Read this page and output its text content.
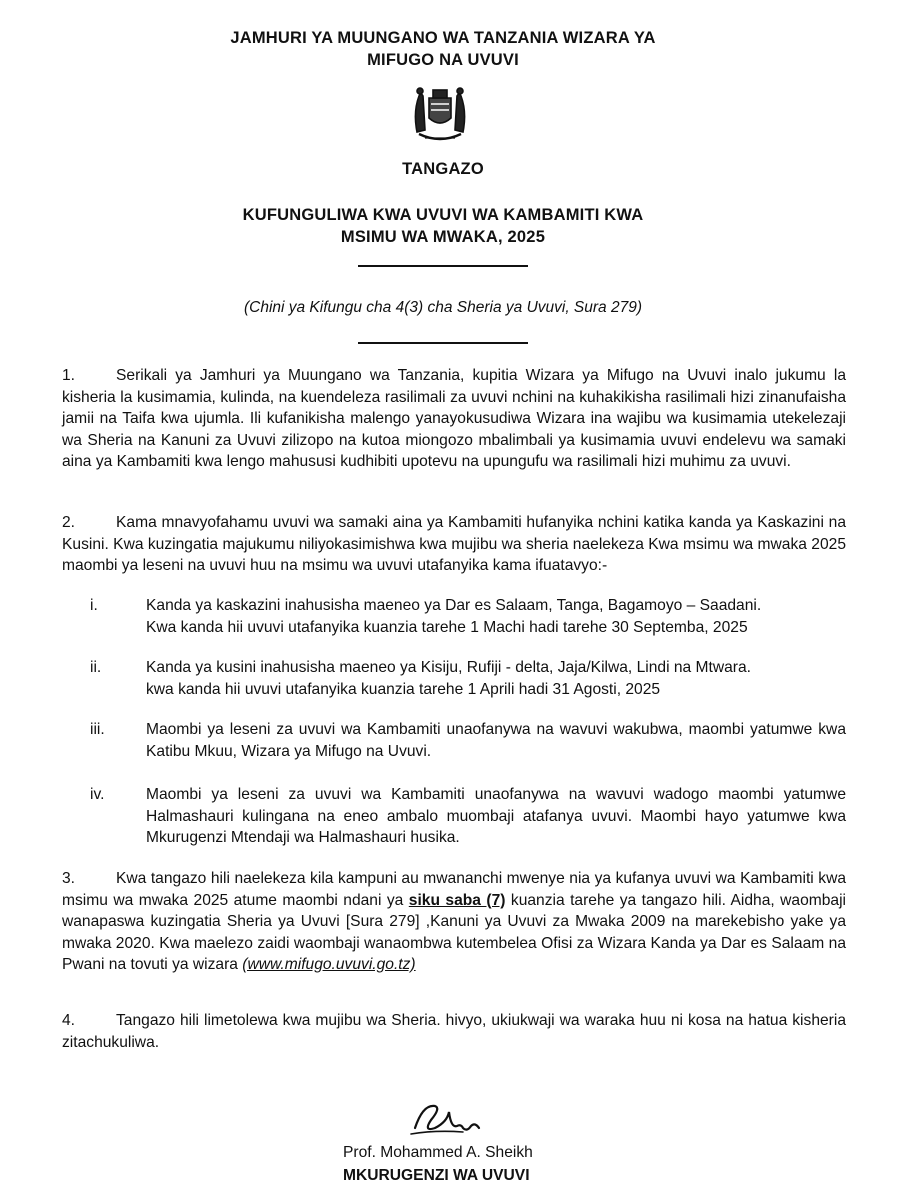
JAMHURI YA MUUNGANO WA TANZANIA WIZARA YA
MIFUGO NA UVUVI
TANGAZO
KUFUNGULIWA KWA UVUVI WA KAMBAMITI KWA
MSIMU WA MWAKA, 2025
(Chini ya Kifungu cha 4(3) cha Sheria ya Uvuvi, Sura 279)
1.	Serikali ya Jamhuri ya Muungano wa Tanzania, kupitia Wizara ya Mifugo na Uvuvi inalo jukumu la kisheria la kusimamia, kulinda, na kuendeleza rasilimali za uvuvi nchini na kuhakikisha rasilimali hizi zinanufaisha jamii na Taifa kwa ujumla. Ili kufanikisha malengo yanayokusudiwa Wizara ina wajibu wa kusimamia utekelezaji wa Sheria na Kanuni za Uvuvi zilizopo na kutoa miongozo mbalimbali ya kusimamia uvuvi endelevu wa samaki aina ya Kambamiti kwa lengo mahususi kudhibiti upotevu na upungufu wa rasilimali hizi muhimu za uvuvi.
2.	Kama mnavyofahamu uvuvi wa samaki aina ya Kambamiti hufanyika nchini katika kanda ya Kaskazini na Kusini. Kwa kuzingatia majukumu niliyokasimishwa kwa mujibu wa sheria naelekeza Kwa msimu wa mwaka 2025 maombi ya leseni na uvuvi huu na msimu wa uvuvi utafanyika kama ifuatavyo:-
i.	Kanda ya kaskazini inahusisha maeneo ya Dar es Salaam, Tanga, Bagamoyo – Saadani.
Kwa kanda hii uvuvi utafanyika kuanzia tarehe 1 Machi hadi tarehe 30 Septemba, 2025
ii.	Kanda ya kusini inahusisha maeneo ya Kisiju, Rufiji - delta, Jaja/Kilwa, Lindi na Mtwara.
kwa kanda hii uvuvi utafanyika kuanzia tarehe 1 Aprili hadi 31 Agosti, 2025
iii.	Maombi ya leseni za uvuvi wa Kambamiti unaofanywa na wavuvi wakubwa, maombi yatumwe kwa Katibu Mkuu, Wizara ya Mifugo na Uvuvi.
iv.	Maombi ya leseni za uvuvi wa Kambamiti unaofanywa na wavuvi wadogo maombi yatumwe Halmashauri kulingana na eneo ambalo muombaji atafanya uvuvi. Maombi hayo yatumwe kwa Mkurugenzi Mtendaji wa Halmashauri husika.
3.	Kwa tangazo hili naelekeza kila kampuni au mwananchi mwenye nia ya kufanya uvuvi wa Kambamiti kwa msimu wa mwaka 2025 atume maombi ndani ya siku saba (7) kuanzia tarehe ya tangazo hili. Aidha, waombaji wanapaswa kuzingatia Sheria ya Uvuvi [Sura 279] ,Kanuni ya Uvuvi za Mwaka 2009 na marekebisho yake ya mwaka 2020. Kwa maelezo zaidi waombaji wanaombwa kutembelea Ofisi za Wizara Kanda ya Dar es Salaam na Pwani na tovuti ya wizara (www.mifugo.uvuvi.go.tz)
4.	Tangazo hili limetolewa kwa mujibu wa Sheria. hivyo, ukiukwaji wa waraka huu ni kosa na hatua kisheria zitachukuliwa.
Prof. Mohammed A. Sheikh
MKURUGENZI WA UVUVI
